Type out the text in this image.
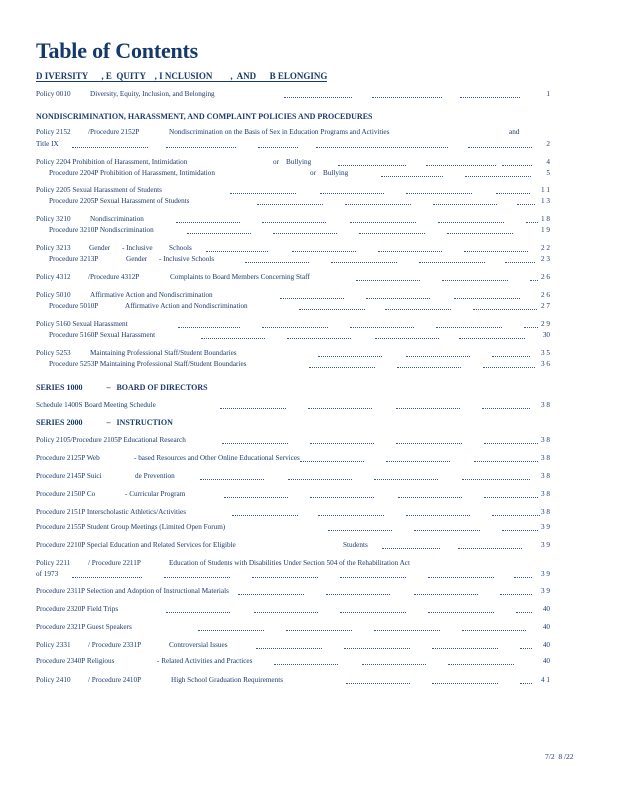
Table of Contents
D IVERSITY      , E  QUITY    , I NCLUSION        ,  AND      B ELONGING
NONDISCRIMINATION, HARASSMENT, AND COMPLAINT POLICIES AND PROCEDURES
SERIES 1000            –   BOARD OF DIRECTORS
SERIES 2000            –   INSTRUCTION
Policy 0010	Diversity, Equity, Inclusion, and Belonging	1
Policy 2152 /Procedure 2152P	Nondiscrimination on the Basis of Sex in Education Programs and Activities	and
Title IX	2
Policy 2204 Prohibition of Harassment, Intimidation	or Bullying	4
Procedure 2204P Prohibition of Harassment, Intimidation	or Bullying	5
Policy 2205 Sexual Harassment of Students	1 1
Procedure 2205P Sexual Harassment of Students	1 3
Policy 3210	Nondiscrimination	1 8
Procedure 3210P Nondiscrimination	1 9
Policy 3213	Gender - Inclusive Schools	2 2
Procedure 3213P	Gender - Inclusive Schools	2 3
Policy 4312 /Procedure 4312P	Complaints to Board Members Concerning Staff	2 6
Policy 5010	Affirmative Action and Nondiscrimination	2 6
Procedure 5010P	Affirmative Action and Nondiscrimination	2 7
Policy 5160 Sexual Harassment	2 9
Procedure 5160P Sexual Harassment	30
Policy 5253	Maintaining Professional Staff/Student Boundaries	3 5
Procedure 5253P Maintaining Professional Staff/Student Boundaries	3 6
Schedule 1400S Board Meeting Schedule	3 8
Policy 2105/Procedure 2105P Educational Research	3 8
Procedure 2125P Web	- based Resources and Other Online Educational Services	3 8
Procedure 2145P Suici	de Prevention	3 8
Procedure 2150P Co	- Curricular Program	3 8
Procedure 2151P Interscholastic Athletics/Activities	3 8
Procedure 2155P Student Group Meetings (Limited Open Forum)	3 9
Procedure 2210P Special Education and Related Services for Eligible	Students	3 9
Policy 2211 / Procedure 2211P	Education of Students with Disabilities Under Section 504 of the Rehabilitation Act
of 1973	3 9
Procedure 2311P Selection and Adoption of Instructional Materials	3 9
Procedure 2320P Field Trips	40
Procedure 2321P Gues t Speakers	40
Policy 2331 / Procedure 2331P	Controversial Issues	40
Procedure 2340P Religious	- Related Activities and Practices	40
Policy 2410 / Procedure 2410P	High School Graduation Requirements	4 1
7/2  8 /22
